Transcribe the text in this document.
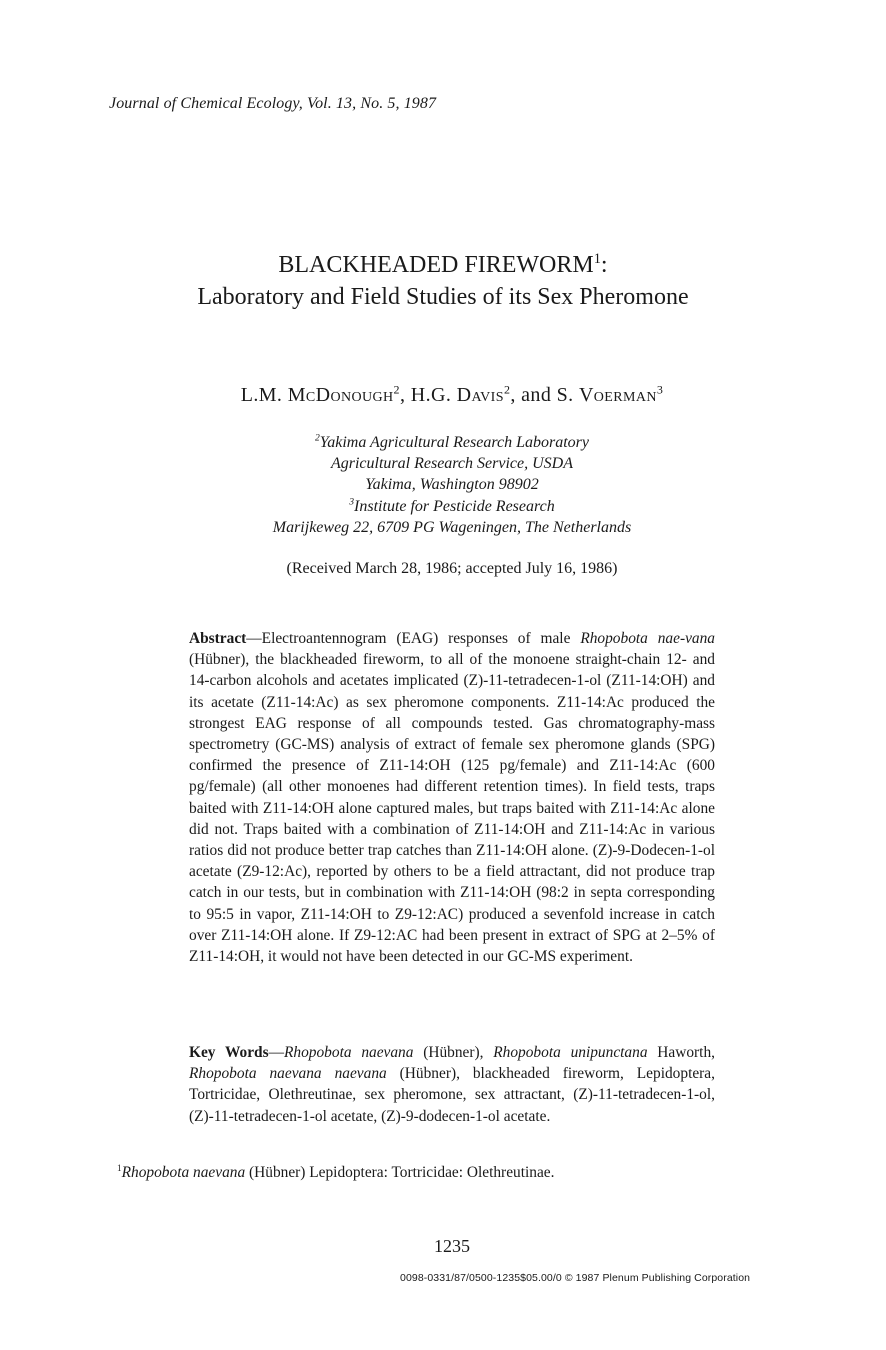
Journal of Chemical Ecology, Vol. 13, No. 5, 1987
BLACKHEADED FIREWORM$^1$:
Laboratory and Field Studies of its Sex Pheromone
L.M. McDonough$^2$, H.G. Davis$^2$, and S. Voerman$^3$
$^2$Yakima Agricultural Research Laboratory
Agricultural Research Service, USDA
Yakima, Washington 98902
$^3$Institute for Pesticide Research
Marijkeweg 22, 6709 PG Wageningen, The Netherlands
(Received March 28, 1986; accepted July 16, 1986)
Abstract—Electroantennogram (EAG) responses of male Rhopobota nae-vana (Hübner), the blackheaded fireworm, to all of the monoene straight-chain 12- and 14-carbon alcohols and acetates implicated (Z)-11-tetradecen-1-ol (Z11-14:OH) and its acetate (Z11-14:Ac) as sex pheromone components. Z11-14:Ac produced the strongest EAG response of all compounds tested. Gas chromatography-mass spectrometry (GC-MS) analysis of extract of female sex pheromone glands (SPG) confirmed the presence of Z11-14:OH (125 pg/female) and Z11-14:Ac (600 pg/female) (all other monoenes had different retention times). In field tests, traps baited with Z11-14:OH alone captured males, but traps baited with Z11-14:Ac alone did not. Traps baited with a combination of Z11-14:OH and Z11-14:Ac in various ratios did not produce better trap catches than Z11-14:OH alone. (Z)-9-Dodecen-1-ol acetate (Z9-12:Ac), reported by others to be a field attractant, did not produce trap catch in our tests, but in combination with Z11-14:OH (98:2 in septa corresponding to 95:5 in vapor, Z11-14:OH to Z9-12:AC) produced a sevenfold increase in catch over Z11-14:OH alone. If Z9-12:AC had been present in extract of SPG at 2–5% of Z11-14:OH, it would not have been detected in our GC-MS experiment.
Key Words—Rhopobota naevana (Hübner), Rhopobota unipunctana Haworth, Rhopobota naevana naevana (Hübner), blackheaded fireworm, Lepidoptera, Tortricidae, Olethreutinae, sex pheromone, sex attractant, (Z)-11-tetradecen-1-ol, (Z)-11-tetradecen-1-ol acetate, (Z)-9-dodecen-1-ol acetate.
$^1$Rhopobota naevana (Hübner) Lepidoptera: Tortricidae: Olethreutinae.
1235
0098-0331/87/0500-1235$05.00/0 © 1987 Plenum Publishing Corporation
